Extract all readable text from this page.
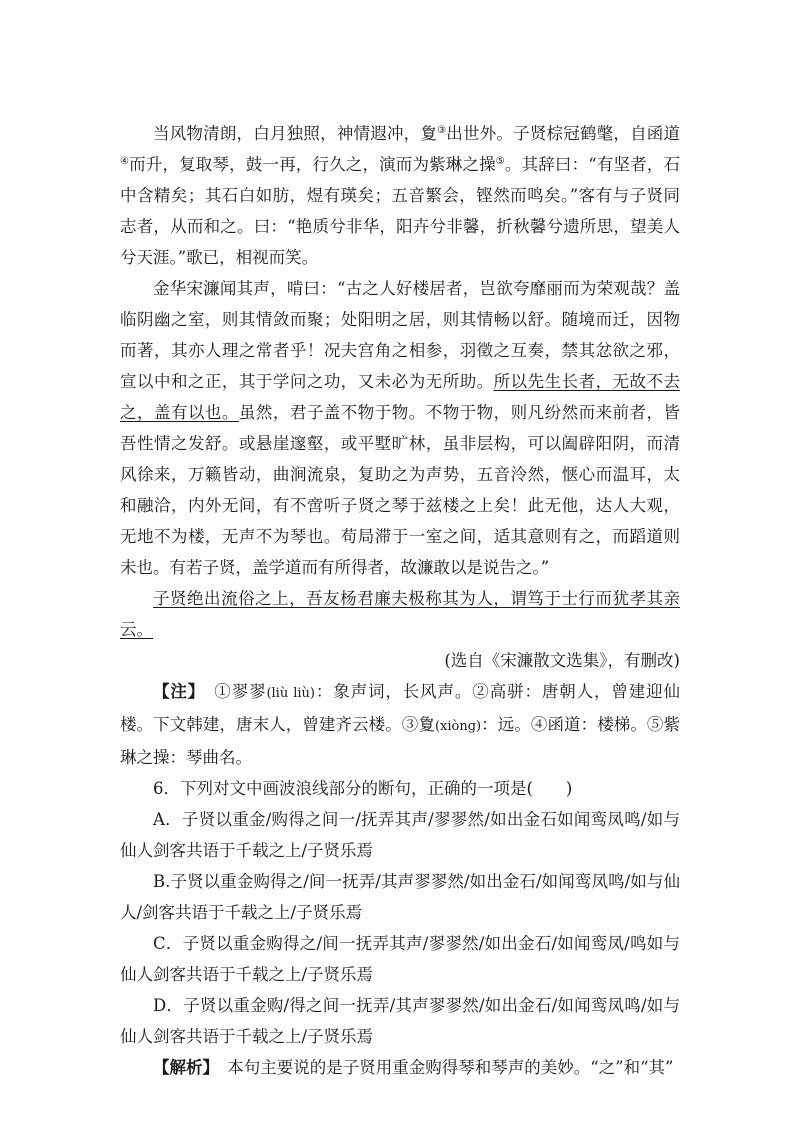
当风物清朗，白月独照，神情遐冲，夐③出世外。子贤棕冠鹤氅，自函道④而升，复取琴，鼓一再，行久之，演而为紫琳之操⑤。其辞曰：“有坚者，石中含精矣；其石白如肪，煜有瑛矣；五音繁会，铿然而鸣矣。”客有与子贤同志者，从而和之。曰：“艳质兮非华，阳卉兮非馨，折秋馨兮遗所思，望美人兮天涯。”歌已，相视而笑。

金华宋濂闻其声，啃曰：“古之人好楼居者，岂欲夸靡丽而为荣观哉？盖临阴幽之室，则其情敛而聚；处阳明之居，则其情畅以舒。随境而迁，因物而著，其亦人理之常者乎！况夫宫角之相参，羽徵之互奏，禁其忿欲之邪，宣以中和之正，其于学问之功，又未必为无所助。所以先生长者，无故不去之，盖有以也。虽然，君子盖不物于物。不物于物，则凡纷然而来前者，皆吾性情之发舒。或悬崖邃壑，或平墅旷林，虽非层构，可以阖辟阳阴，而清风徐来，万籁皆动，曲涧流泉，复助之为声势，五音泠然，惬心而温耳，太和融洽，内外无间，有不啻听子贤之琴于兹楼之上矣！此无他，达人大观，无地不为楼，无声不为琴也。苟局滞于一室之间，适其意则有之，而蹈道则未也。有若子贤，盖学道而有所得者，故濂敢以是说告之。”

子贤绝出流俗之上，吾友杨君廉夫极称其为人，谓笃于士行而犹孝其亲云。

(选自《宋濂散文选集》，有删改)

【注】　①翏翏(liù liù)：象声词，长风声。②高骈：唐朝人，曾建迎仙楼。下文韩建，唐末人，曾建齐云楼。③夐(xiòng)：远。④函道：楼梯。⑤紫琳之操：琴曲名。

6．下列对文中画波浪线部分的断句，正确的一项是(　　)

A．子贤以重金/购得之间一/抚弄其声/翏翏然/如出金石如闻鸾凤鸣/如与仙人剑客共语于千载之上/子贤乐焉

B.子贤以重金购得之/间一抚弄/其声翏翏然/如出金石/如闻鸾凤鸣/如与仙人/剑客共语于千载之上/子贤乐焉

C．子贤以重金购得之/间一抚弄其声/翏翏然/如出金石/如闻鸾凤/鸣如与仙人剑客共语于千载之上/子贤乐焉

D．子贤以重金购/得之间一抚弄/其声翏翏然/如出金石/如闻鸾凤鸣/如与仙人剑客共语于千载之上/子贤乐焉

【解析】　本句主要说的是子贤用重金购得琴和琴声的美妙。“之”和“其”
